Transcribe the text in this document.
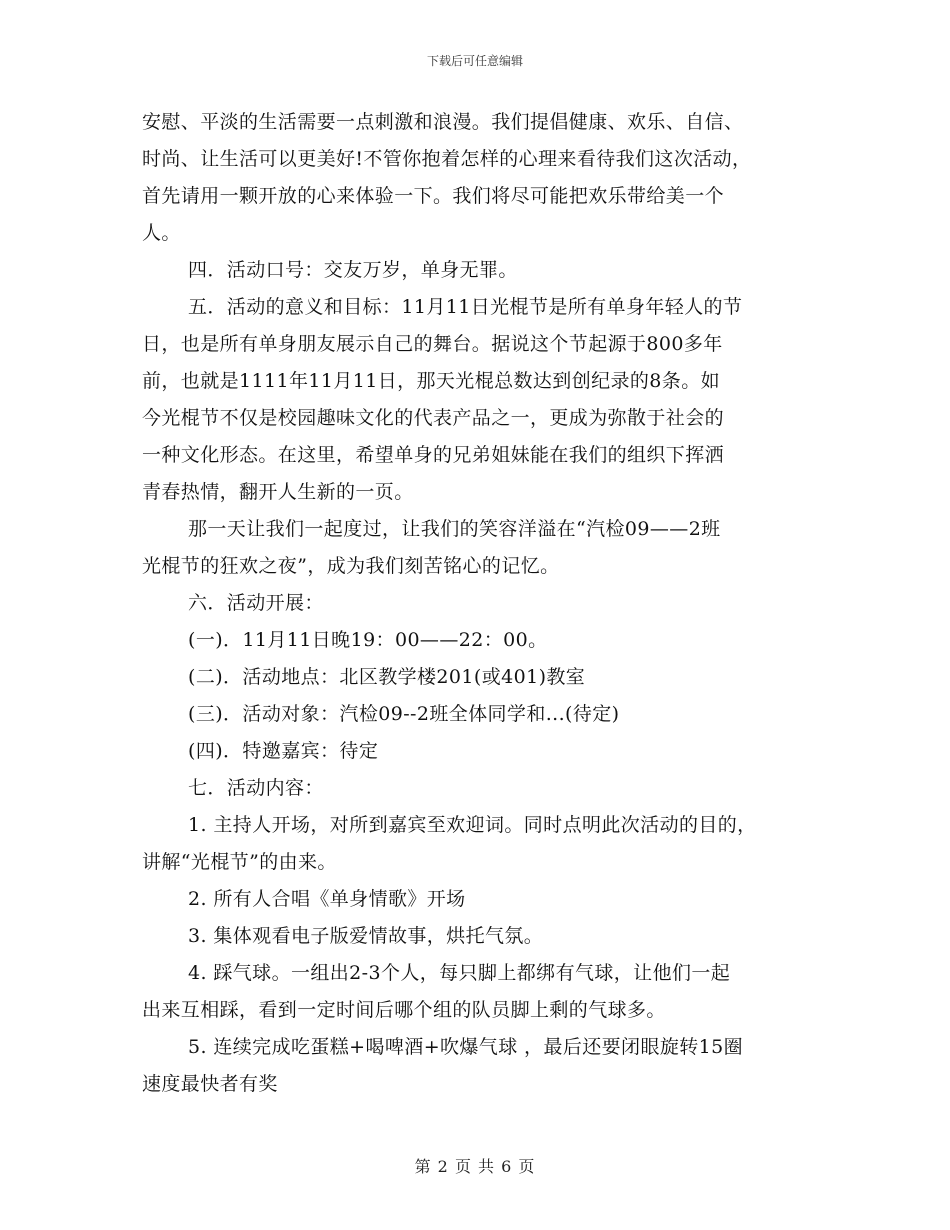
下载后可任意编辑
安慰、平淡的生活需要一点刺激和浪漫。我们提倡健康、欢乐、自信、
时尚、让生活可以更美好!不管你抱着怎样的心理来看待我们这次活动，
首先请用一颗开放的心来体验一下。我们将尽可能把欢乐带给美一个
人。
四．活动口号：交友万岁，单身无罪。
五．活动的意义和目标：11月11日光棍节是所有单身年轻人的节
日，也是所有单身朋友展示自己的舞台。据说这个节起源于800多年
前，也就是1111年11月11日，那天光棍总数达到创纪录的8条。如
今光棍节不仅是校园趣味文化的代表产品之一，更成为弥散于社会的
一种文化形态。在这里，希望单身的兄弟姐妹能在我们的组织下挥洒
青春热情，翻开人生新的一页。
那一天让我们一起度过，让我们的笑容洋溢在“汽检09——2班
光棍节的狂欢之夜”，成为我们刻苦铭心的记忆。
六．活动开展：
(一)．11月11日晚19：00——22：00。
(二)．活动地点：北区教学楼201(或401)教室
(三)．活动对象：汽检09--2班全体同学和...(待定)
(四)．特邀嘉宾：待定
七．活动内容：
1. 主持人开场，对所到嘉宾至欢迎词。同时点明此次活动的目的，
讲解“光棍节”的由来。
2. 所有人合唱《单身情歌》开场
3. 集体观看电子版爱情故事，烘托气氛。
4. 踩气球。一组出2-3个人，每只脚上都绑有气球，让他们一起
出来互相踩，看到一定时间后哪个组的队员脚上剩的气球多。
5. 连续完成吃蛋糕+喝啤酒+吹爆气球 ，最后还要闭眼旋转15圈
速度最快者有奖
第 2 页 共 6 页
